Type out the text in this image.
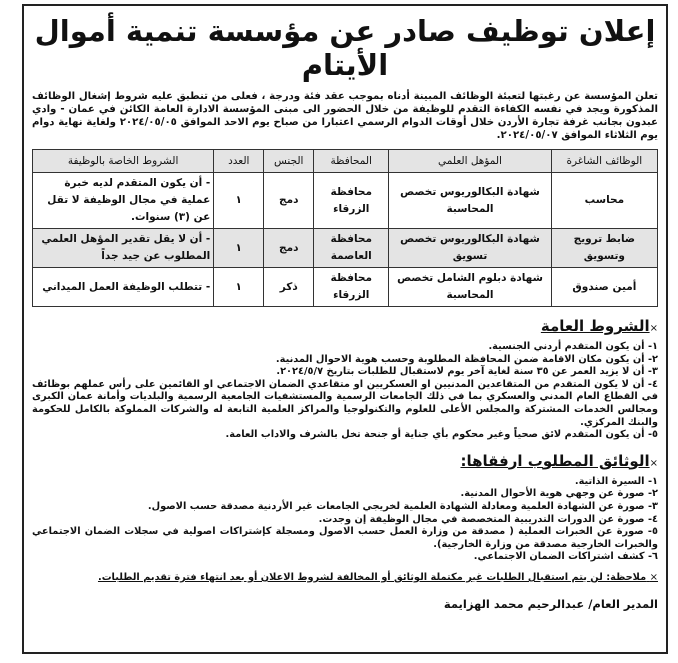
إعلان توظيف صادر عن مؤسسة تنمية أموال الأيتام
تعلن المؤسسة عن رغبتها لتعبئة الوظائف المبينة أدناه بموجب عقد فئة ودرجة ، فعلى من تنطبق عليه شروط إشغال الوظائف المذكورة ويجد في نفسه الكفاءة التقدم للوظيفة من خلال الحضور الى مبنى المؤسسة الادارة العامة الكائن في عمان - وادي عبدون بجانب غرفة تجارة الأردن خلال أوقات الدوام الرسمي اعتبارا من صباح يوم الاحد الموافق ٢٠٢٤/٠٥/٠٥ ولغاية نهاية دوام يوم الثلاثاء الموافق ٢٠٢٤/٠٥/٠٧.
الوظائف الشاغرة	المؤهل العلمي	المحافظة	الجنس	العدد	الشروط الخاصة بالوظيفة
محاسب	شهادة البكالوريوس تخصص المحاسبة	محافظة الزرقاء	دمج	١	- أن يكون المتقدم لديه خبرة عملية في مجال الوظيفة لا تقل عن (٣) سنوات.
ضابط ترويج وتسويق	شهادة البكالوريوس تخصص تسويق	محافظة العاصمة	دمج	١	- أن لا يقل تقدير المؤهل العلمي المطلوب عن جيد جداً
أمين صندوق	شهادة دبلوم الشامل تخصص المحاسبة	محافظة الزرقاء	ذكر	١	- تتطلب الوظيفة العمل الميداني
×الشروط العامة
١- أن يكون المتقدم أردني الجنسية.
٢- أن يكون مكان الاقامة ضمن المحافظة المطلوبة وحسب هوية الاحوال المدنية.
٣- أن لا يزيد العمر عن ٣٥ سنة لغاية آخر يوم لاستقبال للطلبات بتاريخ ٢٠٢٤/٥/٧.
٤- أن لا يكون المتقدم من المتقاعدين المدنيين او العسكريين او متقاعدي الضمان الاجتماعي او القائمين على رأس عملهم بوظائف في القطاع العام المدني والعسكري بما في ذلك الجامعات الرسمية والمستشفيات الجامعية الرسمية والبلديات وأمانة عمان الكبرى ومجالس الخدمات المشتركة والمجلس الأعلى للعلوم والتكنولوجيا والمراكز العلمية التابعة له والشركات المملوكة بالكامل للحكومة والبنك المركزي.
٥- أن يكون المتقدم لائق صحياً وغير محكوم بأي جناية أو جنحة تخل بالشرف والاداب العامة.
×الوثائق المطلوب ارفقاها:
١- السيرة الذاتية.
٢- صورة عن وجهي هوية الأحوال المدنية.
٣- صورة عن الشهادة العلمية ومعادلة الشهادة العلمية لخريجي الجامعات غير الأردنية مصدقة حسب الاصول.
٤- صورة عن الدورات التدريبية المتخصصة في مجال الوظيفة إن وجدت.
٥- صورة عن الخبرات العملية ( مصدقة من وزارة العمل حسب الاصول ومسجلة كإشتراكات اصولية في سجلات الضمان الاجتماعي والخبرات الخارجية مصدقة من وزارة الخارجية).
٦- كشف اشتراكات الضمان الاجتماعي.
× ملاحظة: لن يتم استقبال الطلبات غير مكتملة الوثائق أو المخالفة لشروط الاعلان أو بعد انتهاء فترة تقديم الطلبات.
المدير العام/ عبدالرحيم محمد الهزايمة
